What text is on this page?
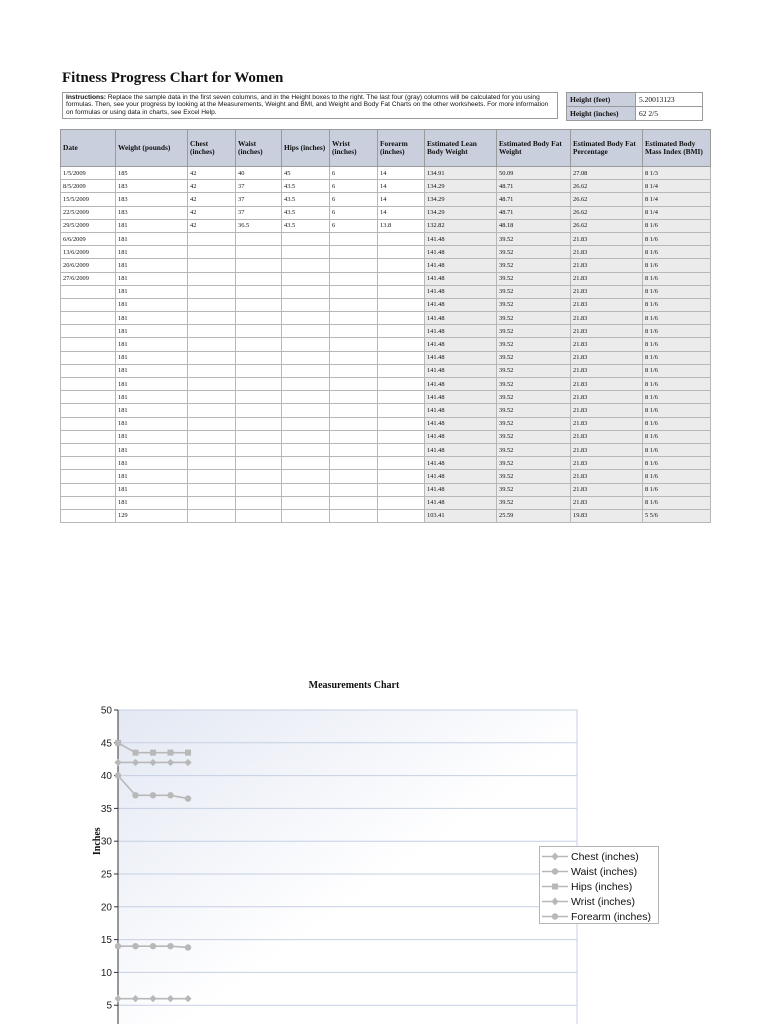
Fitness Progress Chart for Women
Instructions: Replace the sample data in the first seven columns, and in the Height boxes to the right. The last four (gray) columns will be calculated for you using formulas. Then, see your progress by looking at the Measurements, Weight and BMI, and Weight and Body Fat Charts on the other worksheets. For more information on formulas or using data in charts, see Excel Help.
Height (feet)	5.20013123
Height (inches)	62 2/5
Date	Weight (pounds)	Chest (inches)	Waist (inches)	Hips (inches)	Wrist (inches)	Forearm (inches)	Estimated Lean Body Weight	Estimated Body Fat Weight	Estimated Body Fat Percentage	Estimated Body Mass Index (BMI)
1/5/2009	185	42	40	45	6	14	134.91	50.09	27.08	8 1/3
8/5/2009	183	42	37	43.5	6	14	134.29	48.71	26.62	8 1/4
15/5/2009	183	42	37	43.5	6	14	134.29	48.71	26.62	8 1/4
22/5/2009	183	42	37	43.5	6	14	134.29	48.71	26.62	8 1/4
29/5/2009	181	42	36.5	43.5	6	13.8	132.82	48.18	26.62	8 1/6
6/6/2009	181						141.48	39.52	21.83	8 1/6
13/6/2009	181						141.48	39.52	21.83	8 1/6
20/6/2009	181						141.48	39.52	21.83	8 1/6
27/6/2009	181						141.48	39.52	21.83	8 1/6
	181						141.48	39.52	21.83	8 1/6
	181						141.48	39.52	21.83	8 1/6
	181						141.48	39.52	21.83	8 1/6
	181						141.48	39.52	21.83	8 1/6
	181						141.48	39.52	21.83	8 1/6
	181						141.48	39.52	21.83	8 1/6
	181						141.48	39.52	21.83	8 1/6
	181						141.48	39.52	21.83	8 1/6
	181						141.48	39.52	21.83	8 1/6
	181						141.48	39.52	21.83	8 1/6
	181						141.48	39.52	21.83	8 1/6
	181						141.48	39.52	21.83	8 1/6
	181						141.48	39.52	21.83	8 1/6
	181						141.48	39.52	21.83	8 1/6
	181						141.48	39.52	21.83	8 1/6
	181						141.48	39.52	21.83	8 1/6
	181						141.48	39.52	21.83	8 1/6
	129						103.41	25.59	19.83	5 5/6
Measurements Chart
5
10
15
20
25
30
35
40
45
50
Inches
Chest (inches)
Waist (inches)
Hips (inches)
Wrist (inches)
Forearm (inches)
